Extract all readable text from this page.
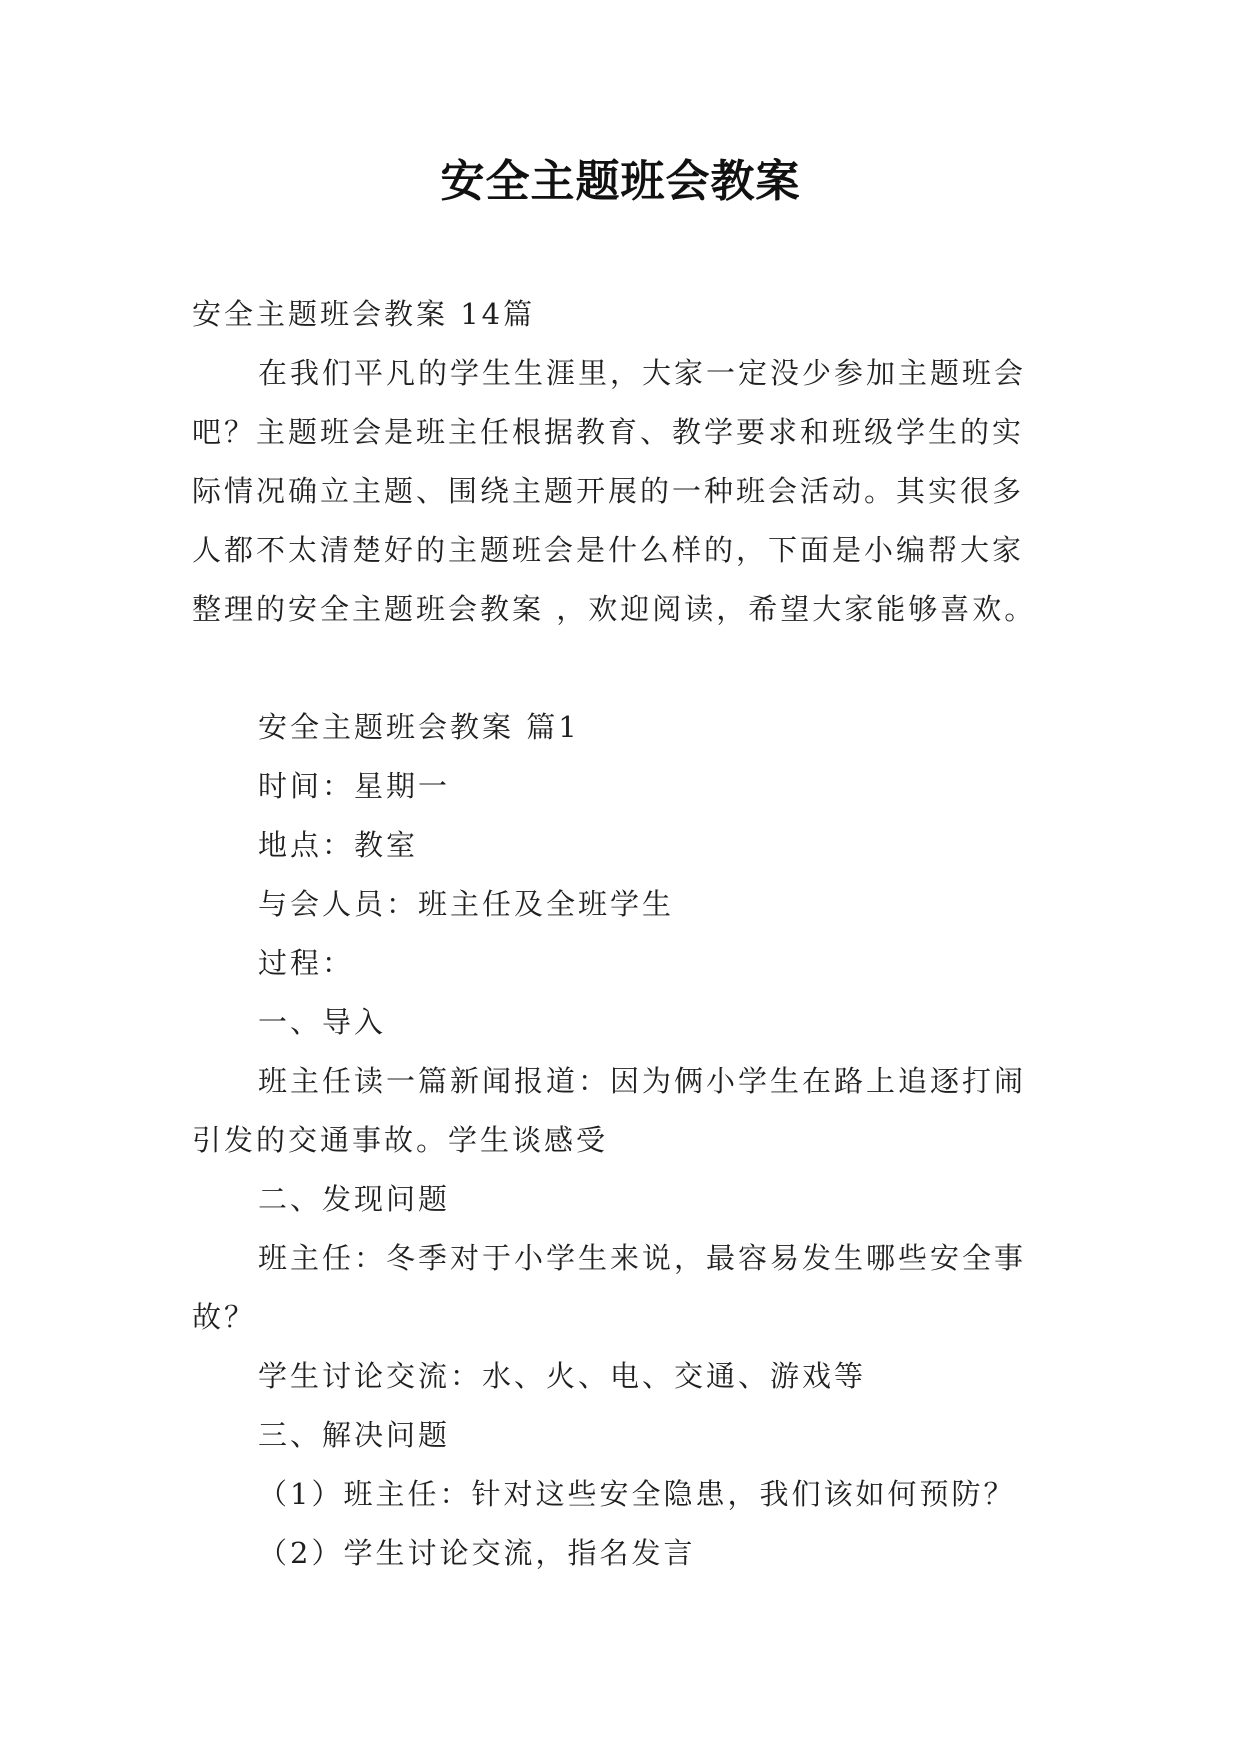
安全主题班会教案
安全主题班会教案 14篇
在我们平凡的学生生涯里，大家一定没少参加主题班会
吧？主题班会是班主任根据教育、教学要求和班级学生的实
际情况确立主题、围绕主题开展的一种班会活动。其实很多
人都不太清楚好的主题班会是什么样的，下面是小编帮大家
整理的安全主题班会教案 ，欢迎阅读，希望大家能够喜欢。
安全主题班会教案 篇1
时间：星期一
地点：教室
与会人员：班主任及全班学生
过程：
一、导入
班主任读一篇新闻报道：因为俩小学生在路上追逐打闹
引发的交通事故。学生谈感受
二、发现问题
班主任：冬季对于小学生来说，最容易发生哪些安全事
故？
学生讨论交流：水、火、电、交通、游戏等
三、解决问题
（1）班主任：针对这些安全隐患，我们该如何预防？
（2）学生讨论交流，指名发言
